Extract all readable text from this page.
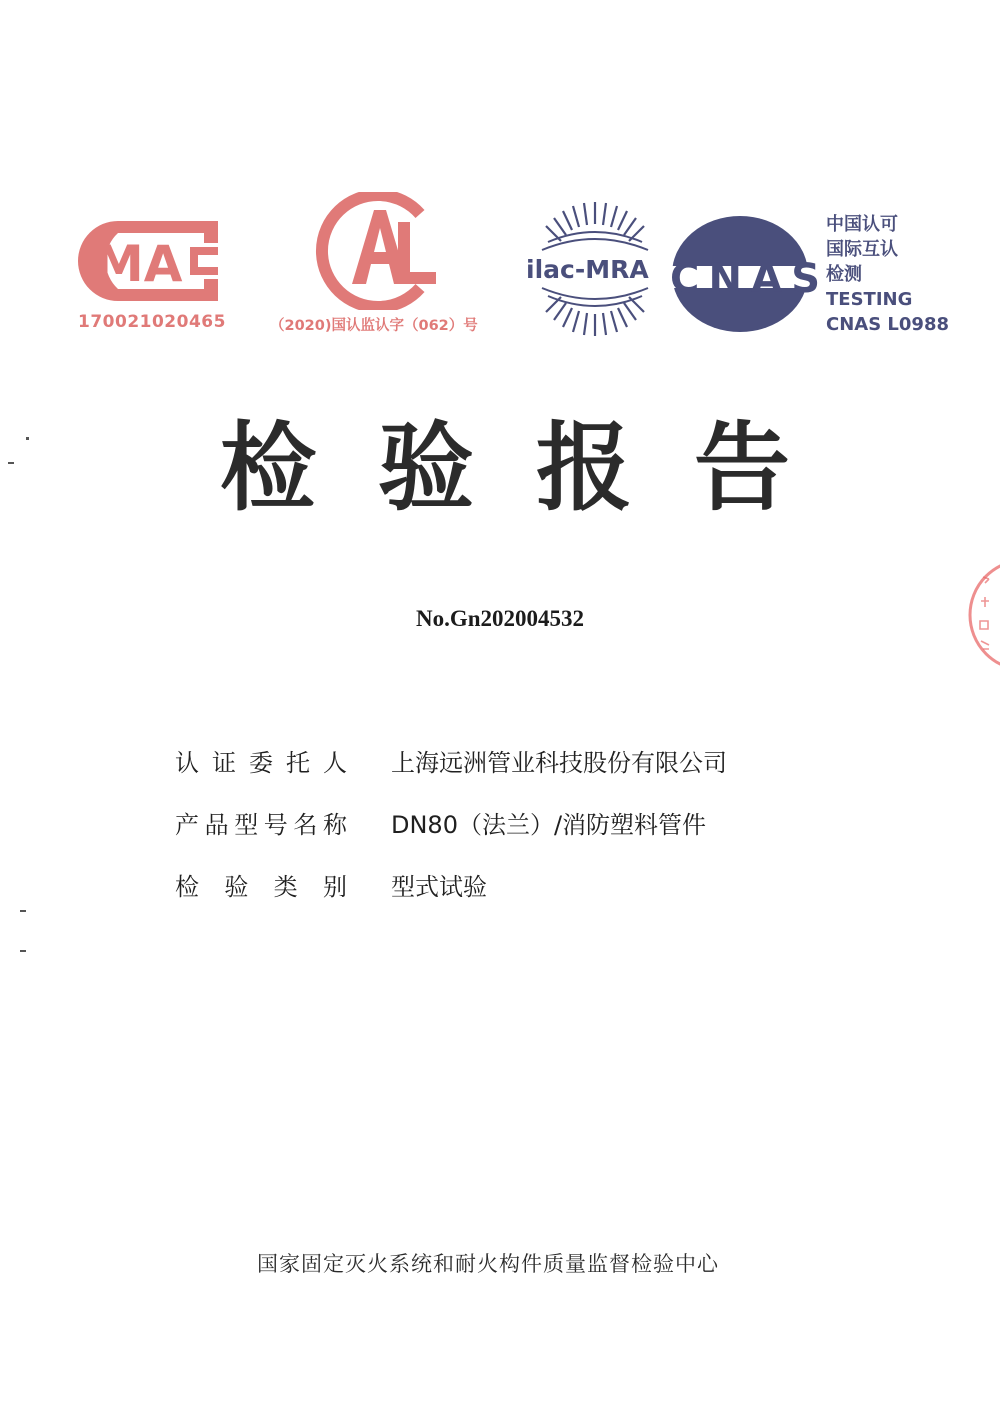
MA
170021020465	（2020)国认监认字（062）号
ilac-MRA CNAS
中国认可
国际互认
检测
TESTING
CNAS L0988
检 验 报 告
No.Gn202004532
认证委托人 上海远洲管业科技股份有限公司
产品型号名称 DN80（法兰）/消防塑料管件
检验类别 型式试验
国家固定灭火系统和耐火构件质量监督检验中心
